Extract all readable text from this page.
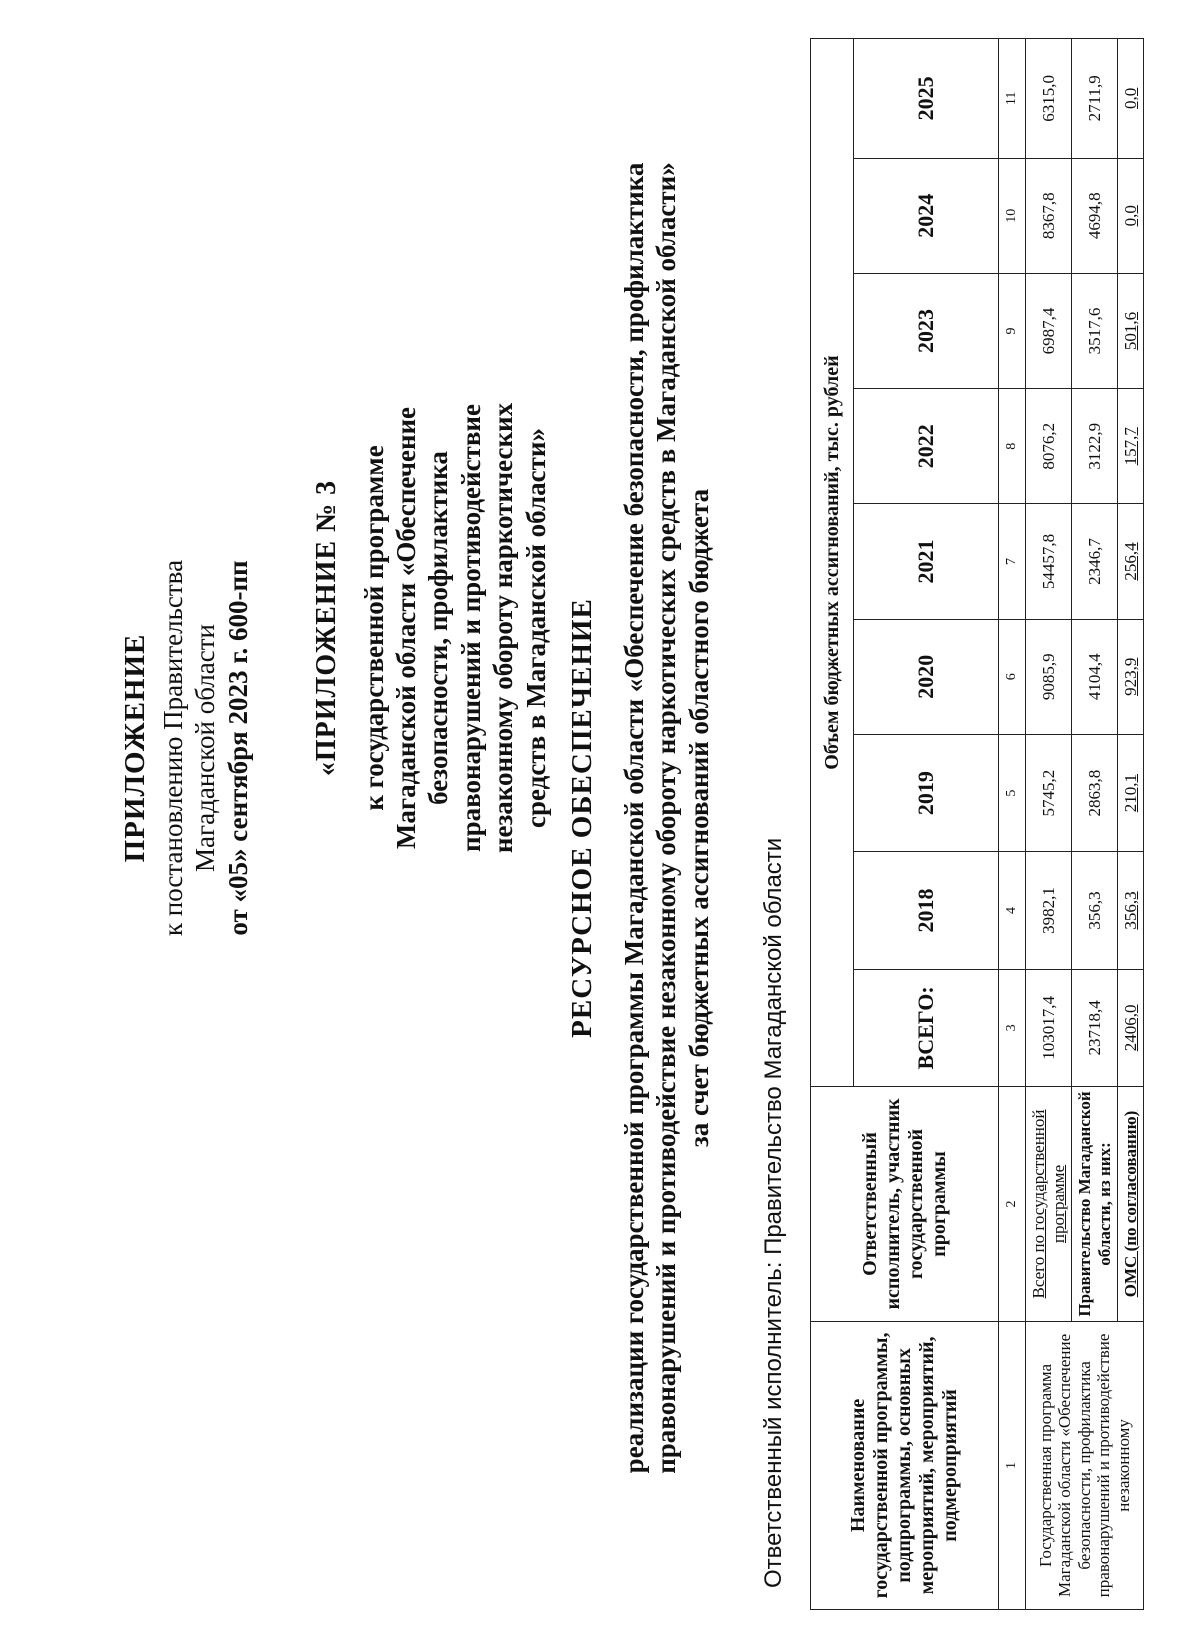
ПРИЛОЖЕНИЕ к постановлению Правительства Магаданской области от «05» сентября 2023 г. 600-пп «ПРИЛОЖЕНИЕ № 3 к государственной программе Магаданской области «Обеспечение безопасности, профилактика правонарушений и противодействие незаконному обороту наркотических средств в Магаданской области» РЕСУРСНОЕ ОБЕСПЕЧЕНИЕ реализации государственной программы Магаданской области «Обеспечение безопасности, профилактика правонарушений и противодействие незаконному обороту наркотических средств в Магаданской области» за счет бюджетных ассигнований областного бюджета
Ответственный исполнитель: Правительство Магаданской области	Наименование государственной программы, подпрограммы, основных мероприятий, мероприятий, подмероприятий	Ответственный исполнитель, участник государственной программы	Объем бюджетных ассигнований, тыс. рублей								
		ВСЕГО:	2018	2019	2020	2021	2022	2023	2024	2025
1	2	3	4	5	6	7	8	9	10	11
Государственная программа Магаданской области «Обеспечение безопасности, профилактика правонарушений и противодействие незаконному	Всего по государственной программе	103017,4	3982,1	5745,2	9085,9	54457,8	8076,2	6987,4	8367,8	6315,0
	Правительство Магаданской области, из них:	23718,4	356,3	2863,8	4104,4	2346,7	3122,9	3517,6	4694,8	2711,9
	ОМС (по согласованию)	2406,0	356,3	210,1	923,9	256,4	157,7	501,6	0,0	0,0
